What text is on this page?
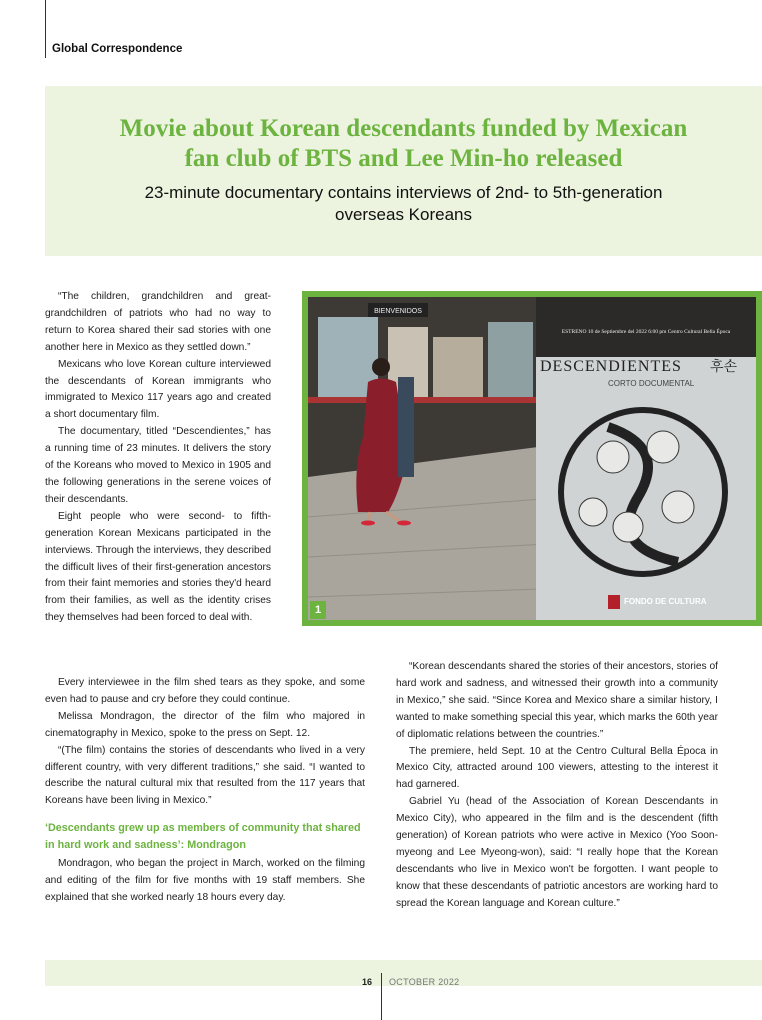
Global Correspondence
Movie about Korean descendants funded by Mexican fan club of BTS and Lee Min-ho released
23-minute documentary contains interviews of 2nd- to 5th-generation overseas Koreans

“The children, grandchildren and great-grandchildren of patriots who had no way to return to Korea shared their sad stories with one another here in Mexico as they settled down.”

Mexicans who love Korean culture interviewed the descendants of Korean immigrants who immigrated to Mexico 117 years ago and created a short documentary film.

The documentary, titled “Descendientes,” has a running time of 23 minutes. It delivers the story of the Koreans who moved to Mexico in 1905 and the following generations in the serene voices of their descendants.

Eight people who were second- to fifth-generation Korean Mexicans participated in the interviews. Through the interviews, they described the difficult lives of their first-generation ancestors from their faint memories and stories they'd heard from their families, as well as the identity crises they themselves had been forced to deal with.

Every interviewee in the film shed tears as they spoke, and some even had to pause and cry before they could continue.

Melissa Mondragon, the director of the film who majored in cinematography in Mexico, spoke to the press on Sept. 12.

“(The film) contains the stories of descendants who lived in a very different country, with very different traditions,” she said. “I wanted to describe the natural cultural mix that resulted from the 117 years that Koreans have been living in Mexico.”

‘Descendants grew up as members of community that shared in hard work and sadness’: Mondragon

Mondragon, who began the project in March, worked on the filming and editing of the film for five months with 19 staff members. She explained that she worked nearly 18 hours every day.

“Korean descendants shared the stories of their ancestors, stories of hard work and sadness, and witnessed their growth into a community in Mexico,” she said. “Since Korea and Mexico share a similar history, I wanted to make something special this year, which marks the 60th year of diplomatic relations between the countries.”

The premiere, held Sept. 10 at the Centro Cultural Bella Época in Mexico City, attracted around 100 viewers, attesting to the interest it had garnered.

Gabriel Yu (head of the Association of Korean Descendants in Mexico City), who appeared in the film and is the descendent (fifth generation) of Korean patriots who were active in Mexico (Yoo Soon-myeong and Lee Myeong-won), said: “I really hope that the Korean descendants who live in Mexico won't be forgotten. I want people to know that these descendants of patriotic ancestors are working hard to spread the Korean language and Korean culture.”

BIENVENIDOS
ESTRENO 10 de Septiembre del 2022 6:00 pm Centro Cultural Bella Época
DESCENDIENTES 후손
CORTO DOCUMENTAL
FONDO DE CULTURA
1
16 OCTOBER 2022
